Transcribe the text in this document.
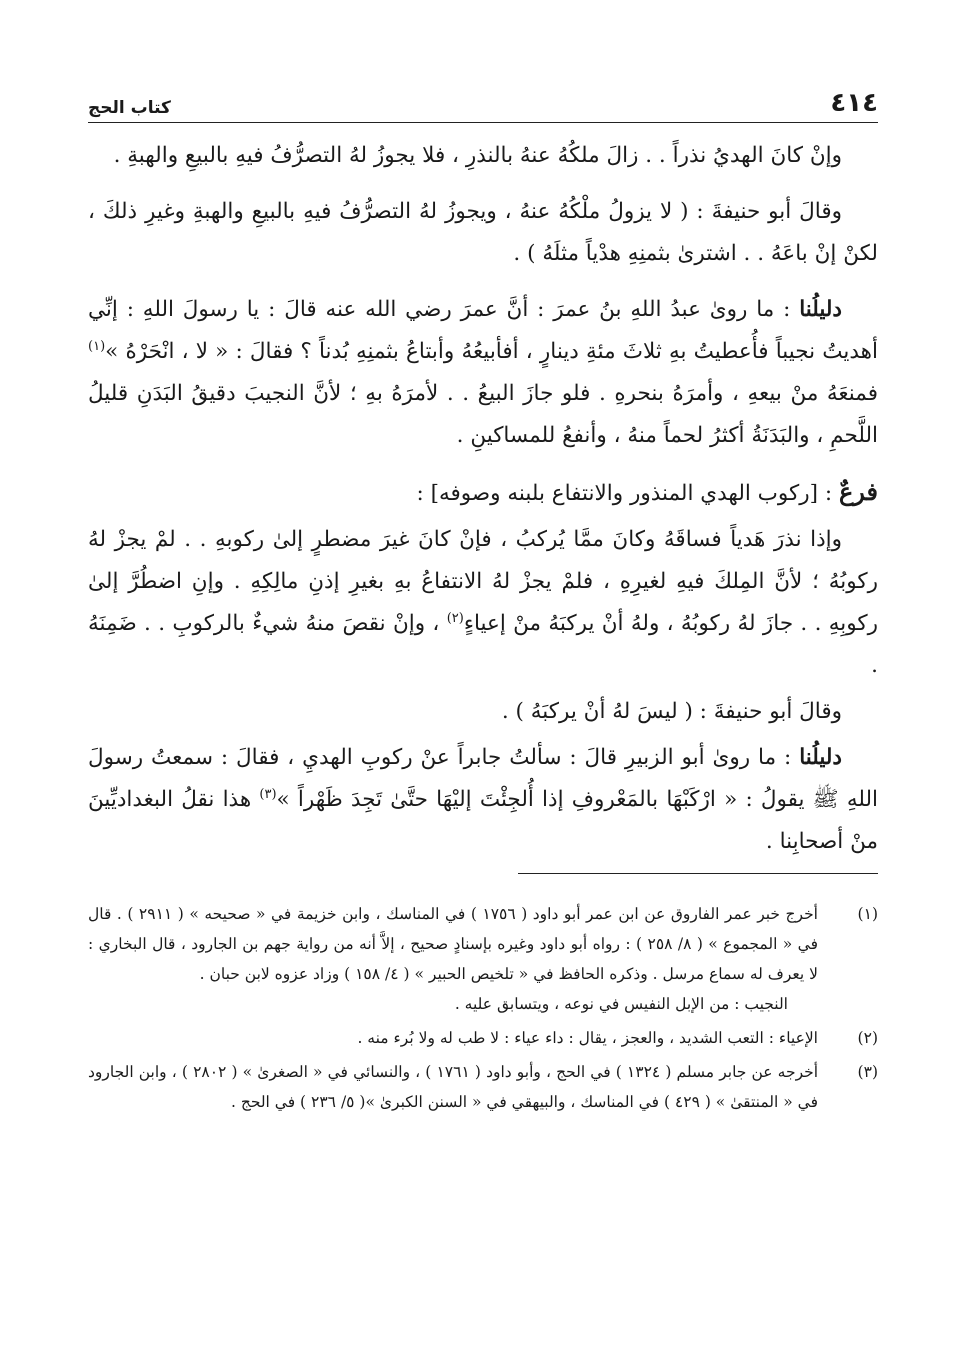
٤١٤
كتاب الحج

وإنْ كانَ الهديُ نذراً . . زالَ ملكُهُ عنهُ بالنذرِ ، فلا يجوزُ لهُ التصرُّفُ فيهِ بالبيعِ والهبةِ .

وقالَ أبو حنيفةَ : ( لا يزولُ ملْكُهُ عنهُ ، ويجوزُ لهُ التصرُّفُ فيهِ بالبيعِ والهبةِ وغيرِ ذلكَ ، لكنْ إنْ باعَهُ . . اشترىٰ بثمنِهِ هدْياً مثلَهُ ) .

دليلُنا : ما روىٰ عبدُ اللهِ بنُ عمرَ : أنَّ عمرَ رضي الله عنه قالَ : يا رسولَ اللهِ : إنِّي أهديتُ نجيباً فأُعطيتُ بهِ ثلاثَ مئةِ دينارٍ ، أفأبيعُهُ وأبتاعُ بثمنِهِ بُدناً ؟ فقالَ : « لا ، انْحَرْهُ »$^{(١)}$ فمنعَهُ منْ بيعهِ ، وأمرَهُ بنحرهِ . فلو جازَ البيعُ . . لأمرَهُ بهِ ؛ لأنَّ النجيبَ دقيقُ البَدَنِ قليلُ اللَّحمِ ، والبَدَنَةُ أكثرُ لحماً منهُ ، وأنفعُ للمساكينِ .

فرعٌ : [ركوب الهدي المنذور والانتفاع بلبنه وصوفه] :

وإذا نذرَ هَدياً فساقَهُ وكانَ ممَّا يُركبُ ، فإنْ كانَ غيرَ مضطرٍ إلىٰ ركوبهِ . . لمْ يجزْ لهُ ركوبُهُ ؛ لأنَّ المِلكَ فيهِ لغيرِهِ ، فلمْ يجزْ لهُ الانتفاعُ بهِ بغيرِ إذنِ مالِكِهِ . وإنِ اضطُرَّ إلىٰ ركوبِهِ . . جازَ لهُ ركوبُهُ ، ولهُ أنْ يركبَهُ منْ إعياءٍ$^{(٢)}$ ، وإنْ نقصَ منهُ شيءٌ بالركوبِ . . ضَمِنَهُ .

وقالَ أبو حنيفةَ : ( ليسَ لهُ أنْ يركبَهُ ) .

دليلُنا : ما روىٰ أبو الزبيرِ قالَ : سألتُ جابراً عنْ ركوبِ الهديِ ، فقالَ : سمعتُ رسولَ اللهِ ﷺ يقولُ : « ارْكَبْهَا بالمَعْروفِ إذا أُلجِئْتَ إليْهَا حتَّىٰ تَجِدَ ظَهْراً »$^{(٣)}$ هذا نقلُ البغداديِّينَ منْ أصحابِنا .

(١)
أخرج خبر عمر الفاروق عن ابن عمر أبو داود ( ١٧٥٦ ) في المناسك ، وابن خزيمة في « صحيحه » ( ٢٩١١ ) . قال في « المجموع » ( ٨/ ٢٥٨ ) : رواه أبو داود وغيره بإسنادٍ صحيح ، إلاَّ أنه من رواية جهم بن الجارود ، قال البخاري : لا يعرف له سماع مرسل . وذكره الحافظ في « تلخيص الحبير » ( ٤/ ١٥٨ ) وزاد عزوه لابن حبان .

النجيب : من الإبل النفيس في نوعه ، ويتسابق عليه .

(٢)
الإعياء : التعب الشديد ، والعجز ، يقال : داء عياء : لا طب له ولا بُرء منه .
(٣)
أخرجه عن جابر مسلم ( ١٣٢٤ ) في الحج ، وأبو داود ( ١٧٦١ ) ، والنسائي في « الصغرىٰ » ( ٢٨٠٢ ) ، وابن الجارود في « المنتقىٰ » ( ٤٢٩ ) في المناسك ، والبيهقي في « السنن الكبرىٰ »( ٥/ ٢٣٦ ) في الحج .
